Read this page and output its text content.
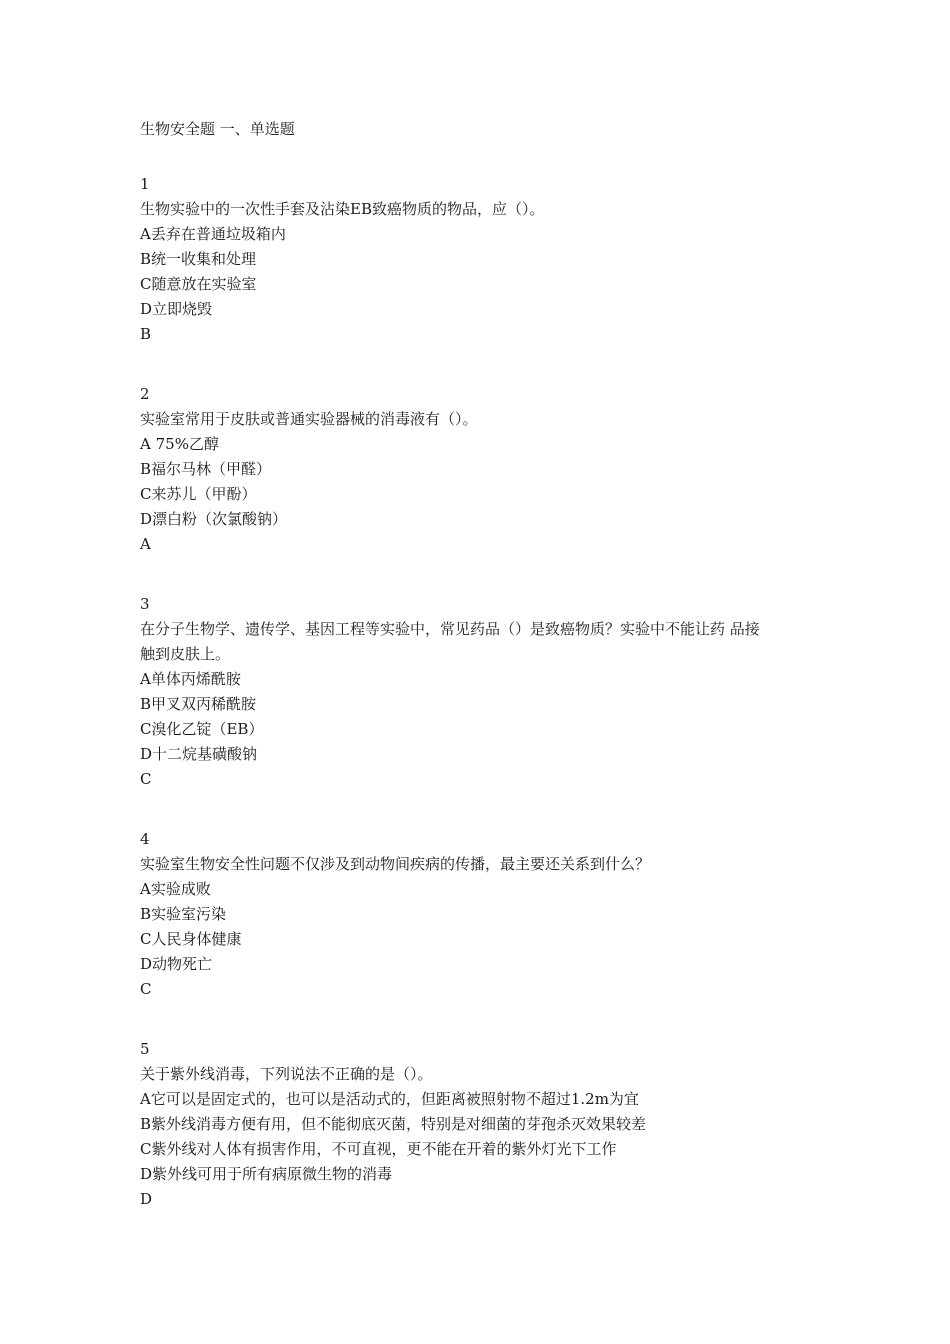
生物安全题 一、单选题
1
生物实验中的一次性手套及沾染EB致癌物质的物品，应（）。
A丢弃在普通垃圾箱内
B统一收集和处理
C随意放在实验室
D立即烧毁
B
2
实验室常用于皮肤或普通实验器械的消毒液有（）。
A 75%乙醇
B福尔马林（甲醛）
C来苏儿（甲酚）
D漂白粉（次氯酸钠）
A
3
在分子生物学、遗传学、基因工程等实验中，常见药品（）是致癌物质？实验中不能让药 品接
触到皮肤上。
A单体丙烯酰胺
B甲叉双丙稀酰胺
C溴化乙锭（EB）
D十二烷基磺酸钠
C
4
实验室生物安全性问题不仅涉及到动物间疾病的传播，最主要还关系到什么？
A实验成败
B实验室污染
C人民身体健康
D动物死亡
C
5
关于紫外线消毒，下列说法不正确的是（）。
A它可以是固定式的，也可以是活动式的，但距离被照射物不超过1.2m为宜
B紫外线消毒方便有用，但不能彻底灭菌，特别是对细菌的芽孢杀灭效果较差
C紫外线对人体有损害作用，不可直视，更不能在开着的紫外灯光下工作
D紫外线可用于所有病原微生物的消毒
D
